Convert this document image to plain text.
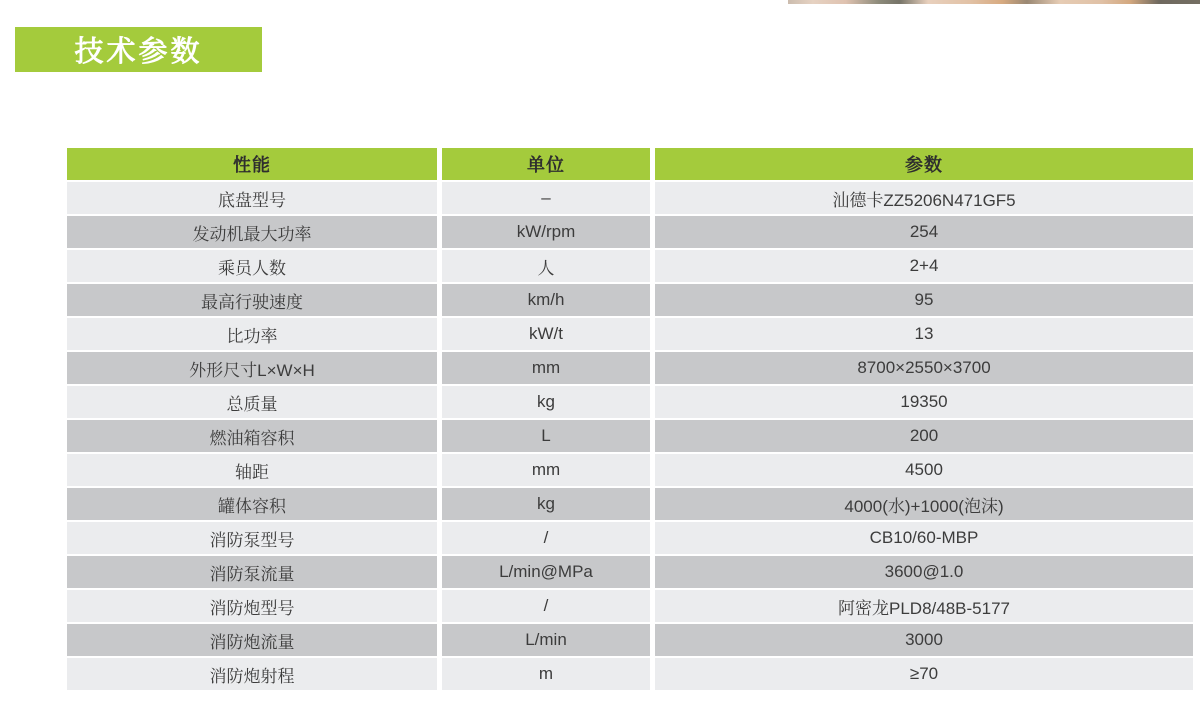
技术参数
性能	单位	参数
底盘型号	–	汕德卡ZZ5206N471GF5
发动机最大功率	kW/rpm	254
乘员人数	人	2+4
最高行驶速度	km/h	95
比功率	kW/t	13
外形尺寸L×W×H	mm	8700×2550×3700
总质量	kg	19350
燃油箱容积	L	200
轴距	mm	4500
罐体容积	kg	4000(水)+1000(泡沫)
消防泵型号	/	CB10/60-MBP
消防泵流量	L/min@MPa	3600@1.0
消防炮型号	/	阿密龙PLD8/48B-5177
消防炮流量	L/min	3000
消防炮射程	m	≥70
